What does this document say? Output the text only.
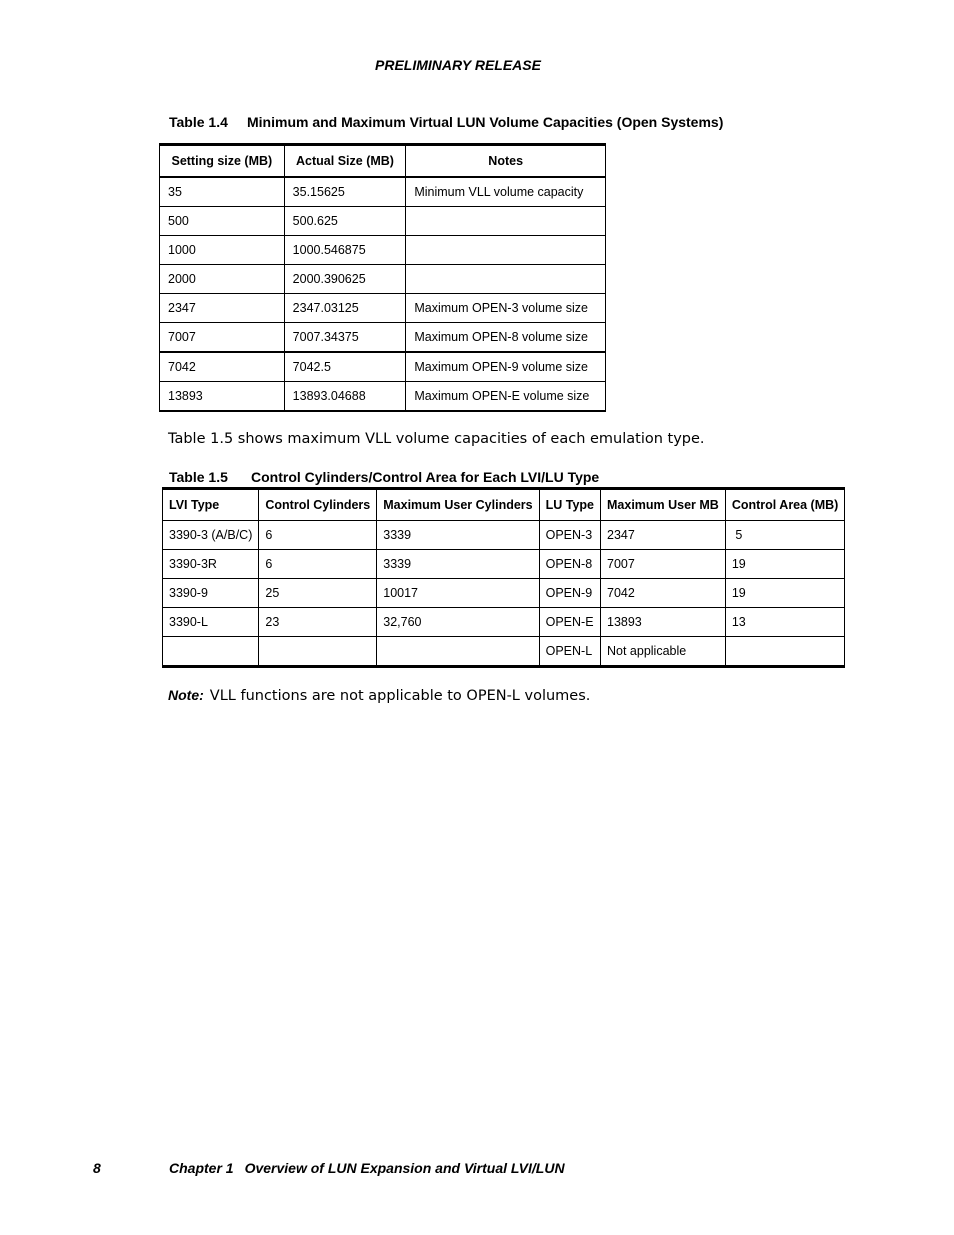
PRELIMINARY RELEASE
Table 1.4 Minimum and Maximum Virtual LUN Volume Capacities (Open Systems)
Setting size (MB)	Actual Size (MB)	Notes
35	35.15625	Minimum VLL volume capacity
500	500.625	
1000	1000.546875	
2000	2000.390625	
2347	2347.03125	Maximum OPEN-3 volume size
7007	7007.34375	Maximum OPEN-8 volume size
7042	7042.5	Maximum OPEN-9 volume size
13893	13893.04688	Maximum OPEN-E volume size
Table 1.5 shows maximum VLL volume capacities of each emulation type.
Table 1.5 Control Cylinders/Control Area for Each LVI/LU Type
LVI Type	Control Cylinders	Maximum User Cylinders	LU Type	Maximum User MB	Control Area (MB)
3390-3 (A/B/C)	6	3339	OPEN-3	2347	5
3390-3R	6	3339	OPEN-8	7007	19
3390-9	25	10017	OPEN-9	7042	19
3390-L	23	32,760	OPEN-E	13893	13
			OPEN-L	Not applicable	
Note: VLL functions are not applicable to OPEN-L volumes.
8	Chapter 1 Overview of LUN Expansion and Virtual LVI/LUN
